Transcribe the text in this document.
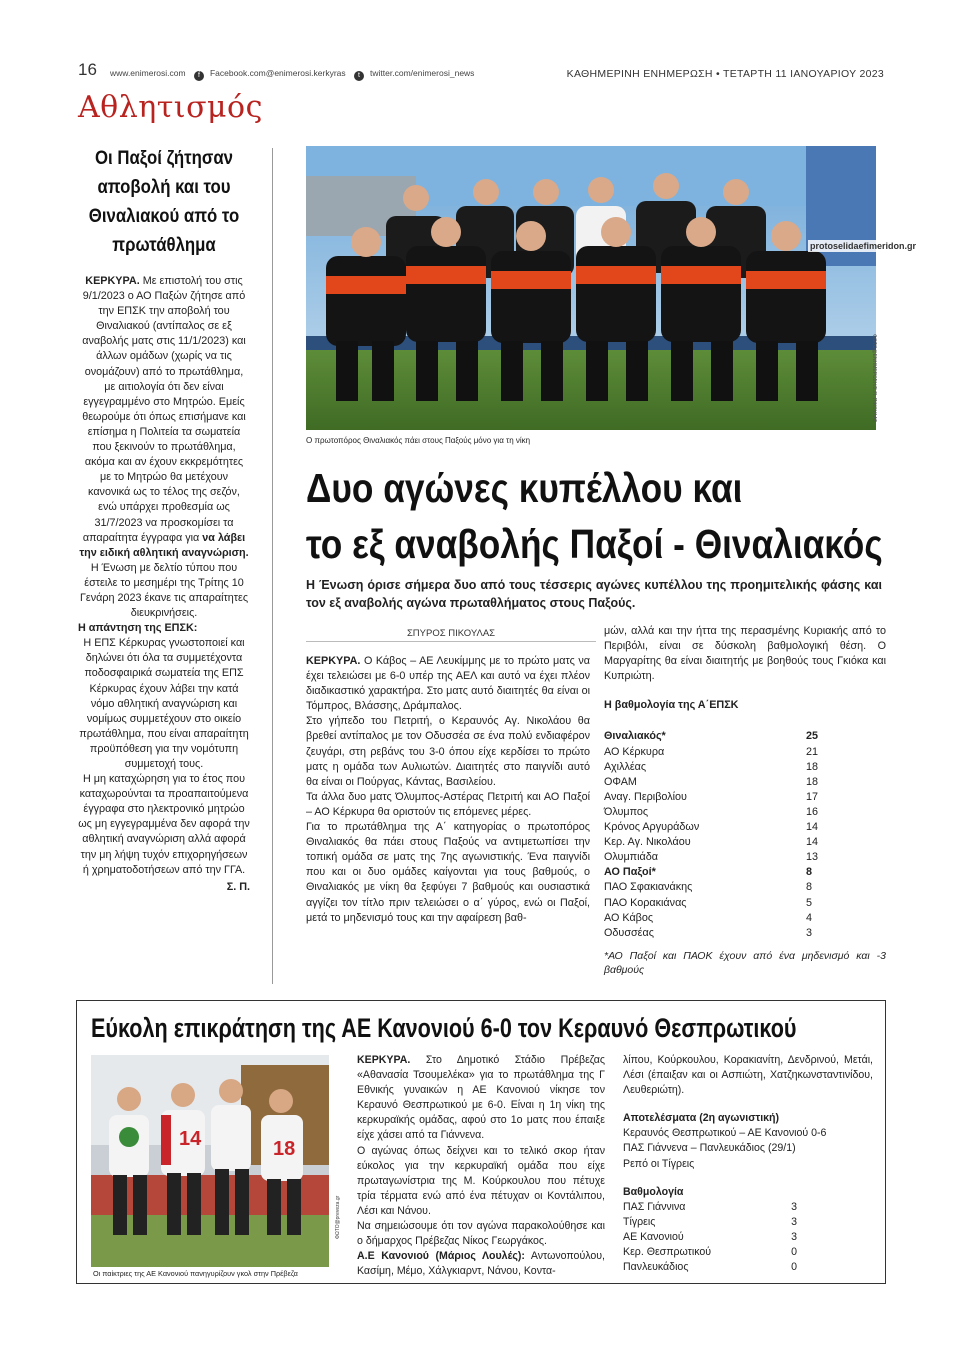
16 www.enimerosi.com f Facebook.com@enimerosi.kerkyras t twitter.com/enimerosi_news	ΚΑΘΗΜΕΡΙΝΗ ΕΝΗΜΕΡΩΣΗ • ΤΕΤΑΡΤΗ 11 ΙΑΝΟΥΑΡΙΟΥ 2023
Αθλητισμός
Οι Παξοί ζήτησαν αποβολή και του Θιναλιακού από το πρωτάθλημα
ΚΕΡΚΥΡΑ. Με επιστολή του στις 9/1/2023 ο ΑΟ Παξών ζήτησε από την ΕΠΣΚ την αποβολή του Θιναλιακού (αντίπαλος σε εξ αναβολής ματς στις 11/1/2023) και άλλων ομάδων (χωρίς να τις ονομάζουν) από το πρωτάθλημα, με αιτιολογία ότι δεν είναι εγγεγραμμένο στο Μητρώο. Εμείς θεωρούμε ότι όπως επισήμανε και επίσημα η Πολιτεία τα σωματεία που ξεκινούν το πρωτάθλημα, ακόμα και αν έχουν εκκρεμότητες με το Μητρώο θα μετέχουν κανονικά ως το τέλος της σεζόν, ενώ υπάρχει προθεσμία ως 31/7/2023 να προσκομίσει τα απαραίτητα έγγραφα για να λάβει την ειδική αθλητική αναγνώριση.
Η Ένωση με δελτίο τύπου που έστειλε το μεσημέρι της Τρίτης 10 Γενάρη 2023 έκανε τις απαραίτητες διευκρινήσεις.
Η απάντηση της ΕΠΣΚ:
Η ΕΠΣ Κέρκυρας γνωστοποιεί και δηλώνει ότι όλα τα συμμετέχοντα ποδοσφαιρικά σωματεία της ΕΠΣ Κέρκυρας έχουν λάβει την κατά νόμο αθλητική αναγνώριση και νομίμως συμμετέχουν στο οικείο πρωτάθλημα, που είναι απαραίτητη προϋπόθεση για την νομότυπη συμμετοχή τους.
Η μη καταχώρηση για το έτος που καταχωρούνται τα προαπαιτούμενα έγγραφα στο ηλεκτρονικό μητρώο ως μη εγγεγραμμένα δεν αφορά την αθλητική αναγνώριση αλλά αφορά την μη λήψη τυχόν επιχορηγήσεων ή χρηματοδοτήσεων από την ΓΓΑ.
Σ. Π.
protoselidaefimeridon.gr
ΦΩΤΟ@ΕΝΗΜΕΡΩΣΗ/Σ.Π. ΠΙΚΟΥΛΑΣ
Ο πρωτοπόρος Θιναλιακός πάει στους Παξούς μόνο για τη νίκη
Δυο αγώνες κυπέλλου και
το εξ αναβολής Παξοί - Θιναλιακός
Η Ένωση όρισε σήμερα δυο από τους τέσσερις αγώνες κυπέλλου της προημιτελικής φάσης και τον εξ αναβολής αγώνα πρωταθλήματος στους Παξούς.
ΣΠΥΡΟΣ ΠΙΚΟΥΛΑΣ

ΚΕΡΚΥΡΑ. Ο Κάβος – ΑΕ Λευκίμμης με το πρώτο ματς να έχει τελειώσει με 6-0 υπέρ της ΑΕΛ και αυτό να έχει πλέον διαδικαστικό χαρακτήρα. Στο ματς αυτό διαιτητές θα είναι οι Τόμπρος, Βλάσσης, Δράμπαλος.

Στο γήπεδο του Πετριτή, ο Κεραυνός Αγ. Νικολάου θα βρεθεί αντίπαλος με τον Οδυσσέα σε ένα πολύ ενδιαφέρον ζευγάρι, στη ρεβάνς του 3-0 όπου είχε κερδίσει το πρώτο ματς η ομάδα των Αυλιωτών. Διαιτητές στο παιγνίδι αυτό θα είναι οι Πούργας, Κάντας, Βασιλείου.

Τα άλλα δυο ματς Όλυμπος-Αστέρας Πετριτή και ΑΟ Παξοί – ΑΟ Κέρκυρα θα οριστούν τις επόμενες μέρες.

Για το πρωτάθλημα της Α΄ κατηγορίας ο πρωτοπόρος Θιναλιακός θα πάει στους Παξούς να αντιμετωπίσει την τοπική ομάδα σε ματς της 7ης αγωνιστικής. Ένα παιγνίδι που και οι δυο ομάδες καίγονται για τους βαθμούς, ο Θιναλιακός με νίκη θα ξεφύγει 7 βαθμούς και ουσιαστικά αγγίζει τον τίτλο πριν τελειώσει ο α΄ γύρος, ενώ οι Παξοί, μετά το μηδενισμό τους και την αφαίρεση βαθ-

μών, αλλά και την ήττα της περασμένης Κυριακής από το Περιβόλι, είναι σε δύσκολη βαθμολογική θέση. Ο Μαργαρίτης θα είναι διαιτητής με βοηθούς τους Γκιόκα και Κυπριώτη.

Η βαθμολογία της Α΄ΕΠΣΚ
Θιναλιακός*	25
ΑΟ Κέρκυρα	21
Αχιλλέας	18
ΟΦΑΜ	18
Αναγ. Περιβολίου	17
Όλυμπος	16
Κρόνος Αργυράδων	14
Κερ. Αγ. Νικολάου	14
Ολυμπιάδα	13
ΑΟ Παξοί*	8
ΠΑΟ Σφακιανάκης	8
ΠΑΟ Κορακιάνας	5
ΑΟ Κάβος	4
Οδυσσέας	3
*ΑΟ Παξοί και ΠΑΟΚ έχουν από ένα μηδενισμό και -3 βαθμούς
Εύκολη επικράτηση της ΑΕ Κανονιού 6-0 τον Κεραυνό Θεσπρωτικού
14	18
Οι παίκτριες της ΑΕ Κανονιού πανηγυρίζουν γκολ στην Πρέβεζα
ΦΩΤΟ@preveza.gr

ΚΕΡΚΥΡΑ. Στο Δημοτικό Στάδιο Πρέβεζας «Αθανασία Τσουμελέκα» για το πρωτάθλημα της Γ Εθνικής γυναικών η ΑΕ Κανονιού νίκησε τον Κεραυνό Θεσπρωτικού με 6-0. Είναι η 1η νίκη της κερκυραϊκής ομάδας, αφού στο 1ο ματς που έπαιξε είχε χάσει από τα Γιάννενα.

Ο αγώνας όπως δείχνει και το τελικό σκορ ήταν εύκολος για την κερκυραϊκή ομάδα που είχε πρωταγωνίστρια της Μ. Κούρκουλου που πέτυχε τρία τέρματα ενώ από ένα πέτυχαν οι Κοντάλιπου, Λέσι και Νάνου.

Να σημειώσουμε ότι τον αγώνα παρακολούθησε και ο δήμαρχος Πρέβεζας Νίκος Γεωργάκος.

Α.Ε Κανονιού (Μάριος Λουλές): Αντωνοπούλου, Κασίμη, Μέμο, Χάλγκιαρντ, Νάνου, Κοντα-

λίπου, Κούρκουλου, Κορακιανίτη, Δενδρινού, Μετάι, Λέσι (έπαιξαν και οι Ασπιώτη, Χατζηκωνσταντινίδου, Λευθεριώτη).

Αποτελέσματα (2η αγωνιστική)
Κεραυνός Θεσπρωτικού – ΑΕ Κανονιού 0-6
ΠΑΣ Γιάννενα – Πανλευκάδιος (29/1)
Ρεπό οι Τίγρεις
Βαθμολογία
ΠΑΣ Γιάννινα	3
Τίγρεις	3
ΑΕ Κανονιού	3
Κερ. Θεσπρωτικού	0
Πανλευκάδιος	0
